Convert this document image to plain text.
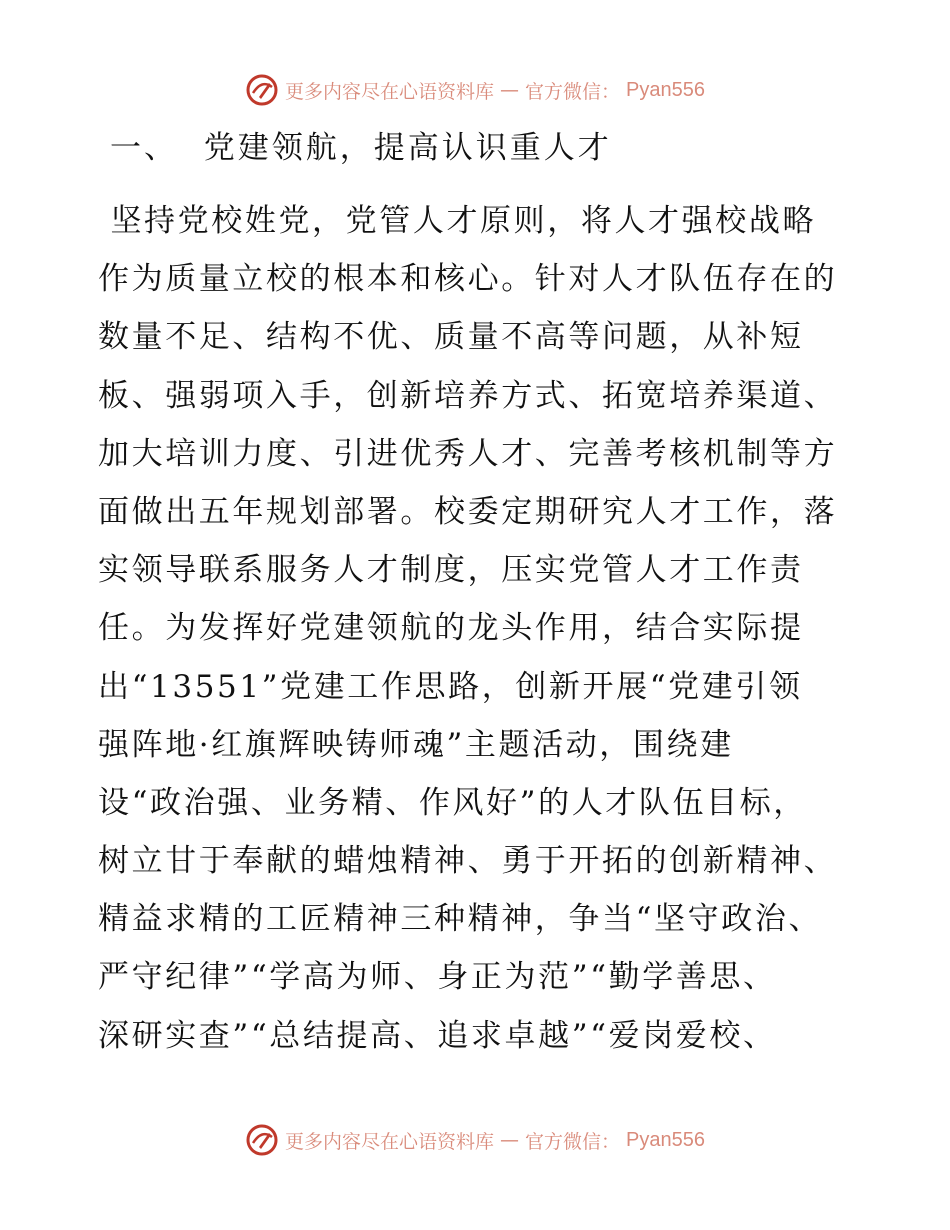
更多内容尽在心语资料库 — 官方微信： Pyan556
一、  党建领航，提高认识重人才
坚持党校姓党，党管人才原则，将人才强校战略
作为质量立校的根本和核心。针对人才队伍存在的
数量不足、结构不优、质量不高等问题，从补短
板、强弱项入手，创新培养方式、拓宽培养渠道、
加大培训力度、引进优秀人才、完善考核机制等方
面做出五年规划部署。校委定期研究人才工作，落
实领导联系服务人才制度，压实党管人才工作责
任。为发挥好党建领航的龙头作用，结合实际提
出“13551”党建工作思路，创新开展“党建引领
强阵地·红旗辉映铸师魂”主题活动，围绕建
设“政治强、业务精、作风好”的人才队伍目标，
树立甘于奉献的蜡烛精神、勇于开拓的创新精神、
精益求精的工匠精神三种精神，争当“坚守政治、
严守纪律”“学高为师、身正为范”“勤学善思、
深研实查”“总结提高、追求卓越”“爱岗爱校、
更多内容尽在心语资料库 — 官方微信： Pyan556
